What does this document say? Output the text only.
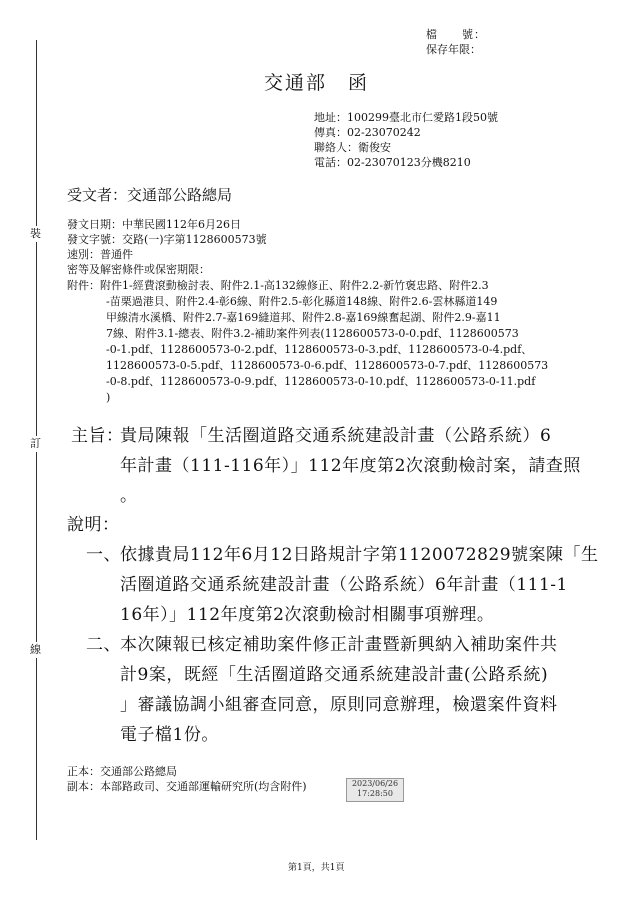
裝
訂
線
檔　　號：
保存年限：
交通部　函
地址：100299臺北市仁愛路1段50號
傳真：02-23070242
聯絡人：衛俊安
電話：02-23070123分機8210
受文者：交通部公路總局
發文日期：中華民國112年6月26日
發文字號：交路(一)字第1128600573號
速別：普通件
密等及解密條件或保密期限：
附件：附件1-經費滾動檢討表、附件2.1-高132線修正、附件2.2-新竹褒忠路、附件2.3
-苗栗過港貝、附件2.4-彰6線、附件2.5-彰化縣道148線、附件2.6-雲林縣道149
甲線清水溪橋、附件2.7-嘉169縫道邦、附件2.8-嘉169線奮起湖、附件2.9-嘉11
7線、附件3.1-總表、附件3.2-補助案件列表(1128600573-0-0.pdf、1128600573
-0-1.pdf、1128600573-0-2.pdf、1128600573-0-3.pdf、1128600573-0-4.pdf、
1128600573-0-5.pdf、1128600573-0-6.pdf、1128600573-0-7.pdf、1128600573
-0-8.pdf、1128600573-0-9.pdf、1128600573-0-10.pdf、1128600573-0-11.pdf
)
主旨：
貴局陳報「生活圈道路交通系統建設計畫（公路系統）6
年計畫（111-116年）」112年度第2次滾動檢討案，請查照
。
說明：
一、 依據貴局112年6月12日路規計字第1120072829號案陳「生
活圈道路交通系統建設計畫（公路系統）6年計畫（111-1
16年）」112年度第2次滾動檢討相關事項辦理。
二、 本次陳報已核定補助案件修正計畫暨新興納入補助案件共
計9案，既經「生活圈道路交通系統建設計畫(公路系統)
」審議協調小組審查同意，原則同意辦理，檢還案件資料
電子檔1份。
正本：交通部公路總局
副本：本部路政司、交通部運輸研究所(均含附件)	2023/06/26
17:28:50
第1頁，共1頁
